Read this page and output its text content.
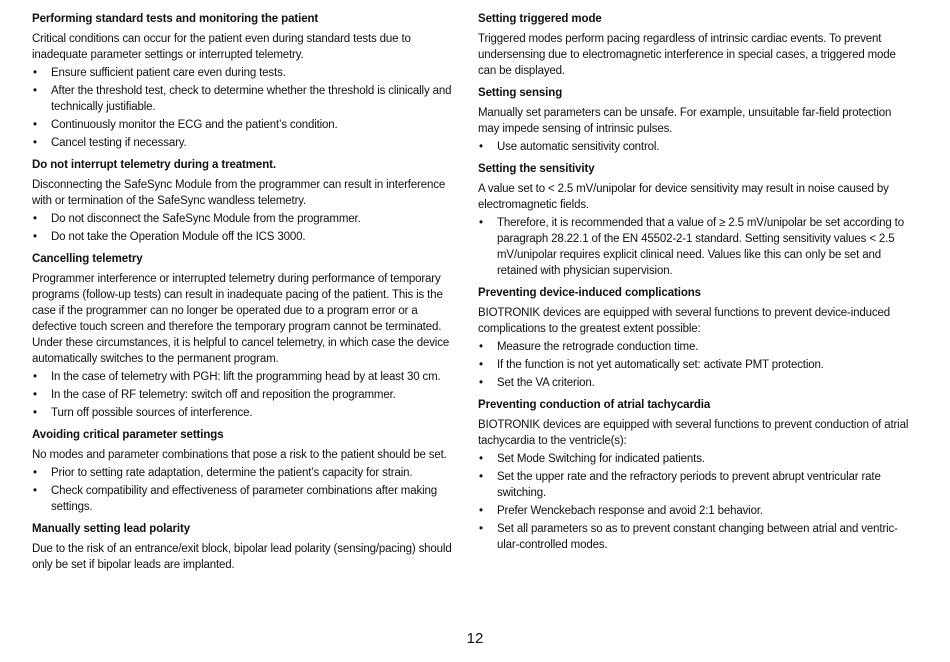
Performing standard tests and monitoring the patient

Critical conditions can occur for the patient even during standard tests due to inadequate parameter settings or interrupted telemetry.

• Ensure sufficient patient care even during tests.
• After the threshold test, check to determine whether the threshold is clinically and technically justifiable.
• Continuously monitor the ECG and the patient’s condition.
• Cancel testing if necessary.
Do not interrupt telemetry during a treatment.

Disconnecting the SafeSync Module from the programmer can result in interference with or termination of the SafeSync wandless telemetry.

• Do not disconnect the SafeSync Module from the programmer.
• Do not take the Operation Module off the ICS 3000.
Cancelling telemetry

Programmer interference or interrupted telemetry during performance of temporary programs (follow-up tests) can result in inadequate pacing of the patient. This is the case if the programmer can no longer be operated due to a program error or a defective touch screen and therefore the temporary program cannot be terminated. Under these circumstances, it is helpful to cancel telemetry, in which case the device automatically switches to the permanent program.

• In the case of telemetry with PGH: lift the programming head by at least 30 cm.
• In the case of RF telemetry: switch off and reposition the programmer.
• Turn off possible sources of interference.
Avoiding critical parameter settings

No modes and parameter combinations that pose a risk to the patient should be set.

• Prior to setting rate adaptation, determine the patient’s capacity for strain.
• Check compatibility and effectiveness of parameter combinations after making settings.
Manually setting lead polarity

Due to the risk of an entrance/exit block, bipolar lead polarity (sensing/pacing) should only be set if bipolar leads are implanted.

Setting triggered mode

Triggered modes perform pacing regardless of intrinsic cardiac events. To prevent undersensing due to electromagnetic interference in special cases, a triggered mode can be displayed.

Setting sensing

Manually set parameters can be unsafe. For example, unsuitable far-field protection may impede sensing of intrinsic pulses.

• Use automatic sensitivity control.
Setting the sensitivity

A value set to < 2.5 mV/unipolar for device sensitivity may result in noise caused by electromagnetic fields.

• Therefore, it is recommended that a value of ≥ 2.5 mV/unipolar be set according to paragraph 28.22.1 of the EN 45502-2-1 standard. Setting sensitivity values < 2.5 mV/unipolar requires explicit clinical need. Values like this can only be set and retained with physician supervision.
Preventing device-induced complications

BIOTRONIK devices are equipped with several functions to prevent device-induced complications to the greatest extent possible:

• Measure the retrograde conduction time.
• If the function is not yet automatically set: activate PMT protection.
• Set the VA criterion.
Preventing conduction of atrial tachycardia

BIOTRONIK devices are equipped with several functions to prevent conduction of atrial tachycardia to the ventricle(s):

• Set Mode Switching for indicated patients.
• Set the upper rate and the refractory periods to prevent abrupt ventricular rate switching.
• Prefer Wenckebach response and avoid 2:1 behavior.
• Set all parameters so as to prevent constant changing between atrial and ventric-ular-controlled modes.
12
